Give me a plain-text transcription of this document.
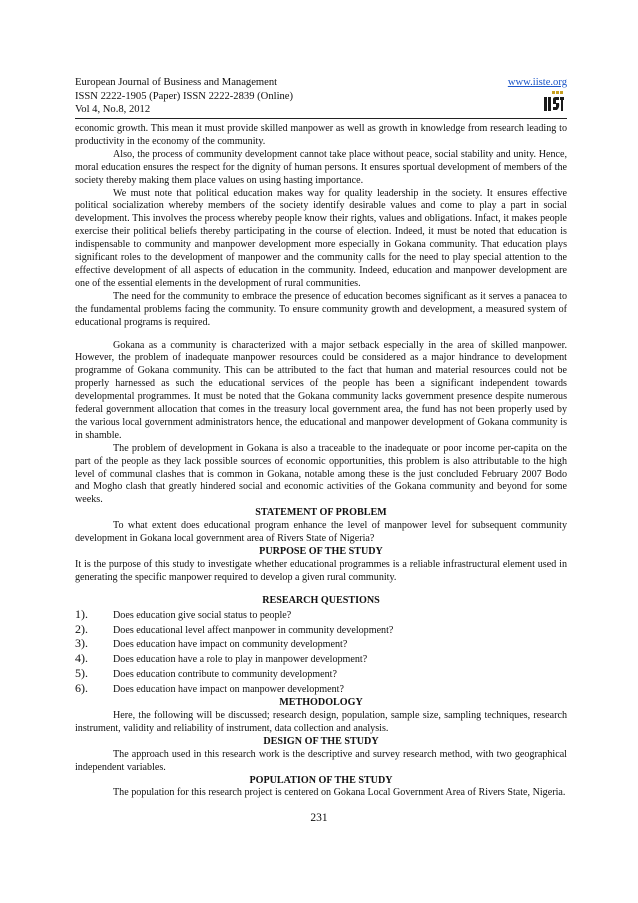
European Journal of Business and Management
ISSN 2222-1905 (Paper) ISSN 2222-2839 (Online)
Vol 4, No.8, 2012
www.iiste.org

economic growth. This mean it must provide skilled manpower as well as growth in knowledge from research leading to productivity in the economy of the community.

Also, the process of community development cannot take place without peace, social stability and unity. Hence, moral education ensures the respect for the dignity of human persons. It ensures sportual development of members of the society thereby making them place values on using hasting importance.

We must note that political education makes way for quality leadership in the society. It ensures effective political socialization whereby members of the society identify desirable values and come to play a part in social development. This involves the process whereby people know their rights, values and obligations. Infact, it makes people exercise their political beliefs thereby participating in the course of election. Indeed, it must be noted that education is indispensable to community and manpower development more especially in Gokana community. That education plays significant roles to the development of manpower and the community calls for the need to play special attention to the effective development of all aspects of education in the community. Indeed, education and manpower development are one of the essential elements in the development of rural communities.

The need for the community to embrace the presence of education becomes significant as it serves a panacea to the fundamental problems facing the community. To ensure community growth and development, a measured system of educational programs is required.

Gokana as a community is characterized with a major setback especially in the area of skilled manpower. However, the problem of inadequate manpower resources could be considered as a major hindrance to development programme of Gokana community. This can be attributed to the fact that human and material resources could not be properly harnessed as such the educational services of the people has been a significant independent towards developmental programmes. It must be noted that the Gokana community lacks government presence despite numerous federal government allocation that comes in the treasury local government area, the fund has not been properly used by the various local government administrators hence, the educational and manpower development of Gokana community is in shamble.

The problem of development in Gokana is also a traceable to the inadequate or poor income per-capita on the part of the people as they lack possible sources of economic opportunities, this problem is also attributable to the high level of communal clashes that is common in Gokana, notable among these is the just concluded February 2007 Bodo and Mogho clash that greatly hindered social and economic activities of the Gokana community and beyond for some weeks.

STATEMENT OF PROBLEM

To what extent does educational program enhance the level of manpower level for subsequent community development in Gokana local government area of Rivers State of Nigeria?

PURPOSE OF THE STUDY

It is the purpose of this study to investigate whether educational programmes is a reliable infrastructural element used in generating the specific manpower required to develop a given rural community.

RESEARCH QUESTIONS

1).	Does education give social status to people?
2).	Does educational level affect manpower in community development?
3).	Does education have impact on community development?
4).	Does education have a role to play in manpower development?
5).	Does education contribute to community development?
6).	Does education have impact on manpower development?

METHODOLOGY

Here, the following will be discussed; research design, population, sample size, sampling techniques, research instrument, validity and reliability of instrument, data collection and analysis.

DESIGN OF THE STUDY

The approach used in this research work is the descriptive and survey research method, with two geographical independent variables.

POPULATION OF THE STUDY

The population for this research project is centered on Gokana Local Government Area of Rivers State, Nigeria.

231
